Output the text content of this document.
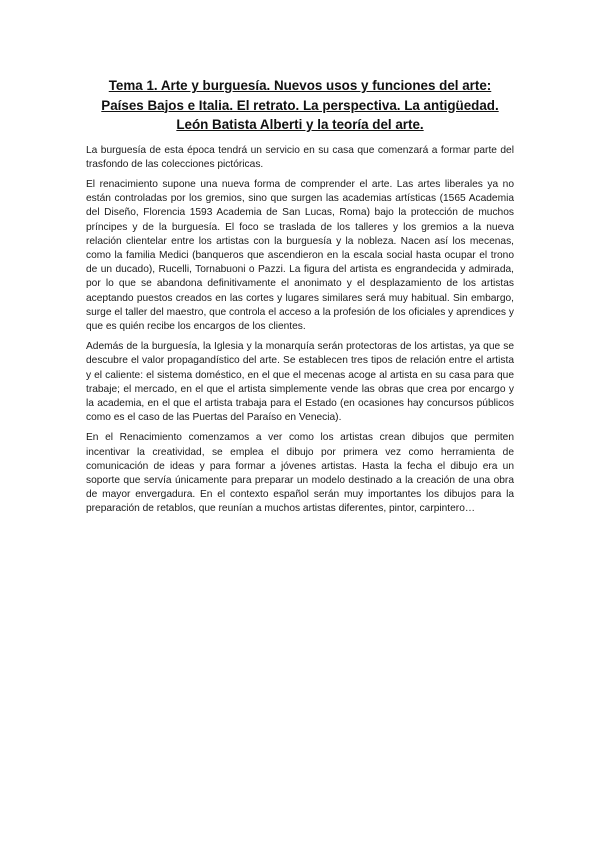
Tema 1. Arte y burguesía. Nuevos usos y funciones del arte: Países Bajos e Italia. El retrato. La perspectiva. La antigüedad. León Batista Alberti y la teoría del arte.

La burguesía de esta época tendrá un servicio en su casa que comenzará a formar parte del trasfondo de las colecciones pictóricas.

El renacimiento supone una nueva forma de comprender el arte. Las artes liberales ya no están controladas por los gremios, sino que surgen las academias artísticas (1565 Academia del Diseño, Florencia 1593 Academia de San Lucas, Roma) bajo la protección de muchos príncipes y de la burguesía. El foco se traslada de los talleres y los gremios a la nueva relación clientelar entre los artistas con la burguesía y la nobleza. Nacen así los mecenas, como la familia Medici (banqueros que ascendieron en la escala social hasta ocupar el trono de un ducado), Rucelli, Tornabuoni o Pazzi. La figura del artista es engrandecida y admirada, por lo que se abandona definitivamente el anonimato y el desplazamiento de los artistas aceptando puestos creados en las cortes y lugares similares será muy habitual. Sin embargo, surge el taller del maestro, que controla el acceso a la profesión de los oficiales y aprendices y que es quién recibe los encargos de los clientes.

Además de la burguesía, la Iglesia y la monarquía serán protectoras de los artistas, ya que se descubre el valor propagandístico del arte. Se establecen tres tipos de relación entre el artista y el caliente: el sistema doméstico, en el que el mecenas acoge al artista en su casa para que trabaje; el mercado, en el que el artista simplemente vende las obras que crea por encargo y la academia, en el que el artista trabaja para el Estado (en ocasiones hay concursos públicos como es el caso de las Puertas del Paraíso en Venecia).

En el Renacimiento comenzamos a ver como los artistas crean dibujos que permiten incentivar la creatividad, se emplea el dibujo por primera vez como herramienta de comunicación de ideas y para formar a jóvenes artistas. Hasta la fecha el dibujo era un soporte que servía únicamente para preparar un modelo destinado a la creación de una obra de mayor envergadura. En el contexto español serán muy importantes los dibujos para la preparación de retablos, que reunían a muchos artistas diferentes, pintor, carpintero…
